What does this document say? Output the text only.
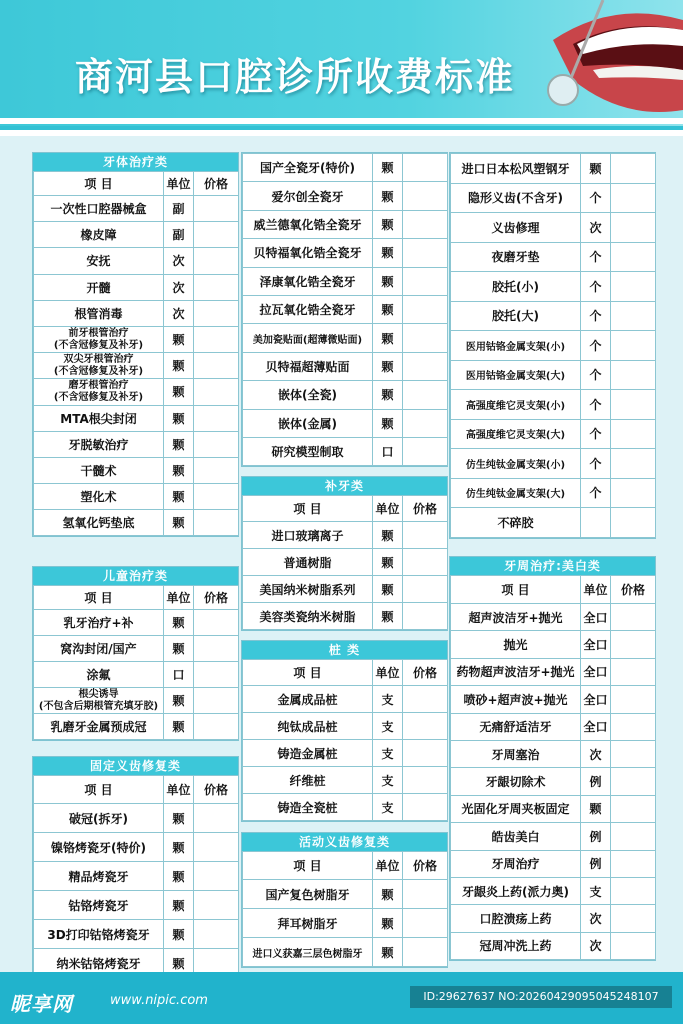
商河县口腔诊所收费标准
牙体治疗类
项 目	单位	价格
一次性口腔器械盒	副	
橡皮障	副	
安抚	次	
开髓	次	
根管消毒	次	
前牙根管治疗
(不含冠修复及补牙)	颗	
双尖牙根管治疗
(不含冠修复及补牙)	颗	
磨牙根管治疗
(不含冠修复及补牙)	颗	
MTA根尖封闭	颗	
牙脱敏治疗	颗	
干髓术	颗	
塑化术	颗	
氢氧化钙垫底	颗	
儿童治疗类
项 目	单位	价格
乳牙治疗+补	颗	
窝沟封闭/国产	颗	
涂氟	口	
根尖诱导
(不包含后期根管充填牙胶)	颗	
乳磨牙金属预成冠	颗	
固定义齿修复类
项 目	单位	价格
破冠(拆牙)	颗	
镍铬烤瓷牙(特价)	颗	
精品烤瓷牙	颗	
钴铬烤瓷牙	颗	
3D打印钴铬烤瓷牙	颗	
纳米钴铬烤瓷牙	颗	
国产全瓷牙(特价)	颗	
爱尔创全瓷牙	颗	
威兰德氧化锆全瓷牙	颗	
贝特福氧化锆全瓷牙	颗	
泽康氧化锆全瓷牙	颗	
拉瓦氧化锆全瓷牙	颗	
美加瓷贴面(超薄微贴面)	颗	
贝特福超薄贴面	颗	
嵌体(全瓷)	颗	
嵌体(金属)	颗	
研究模型制取	口	
补牙类
项 目	单位	价格
进口玻璃离子	颗	
普通树脂	颗	
美国纳米树脂系列	颗	
美容类瓷纳米树脂	颗	
桩 类
项 目	单位	价格
金属成品桩	支	
纯钛成品桩	支	
铸造金属桩	支	
纤维桩	支	
铸造全瓷桩	支	
活动义齿修复类
项 目	单位	价格
国产复色树脂牙	颗	
拜耳树脂牙	颗	
进口义获嘉三层色树脂牙	颗	
进口日本松风塑钢牙	颗	
隐形义齿(不含牙)	个	
义齿修理	次	
夜磨牙垫	个	
胶托(小)	个	
胶托(大)	个	
医用钴铬金属支架(小)	个	
医用钴铬金属支架(大)	个	
高强度维它灵支架(小)	个	
高强度维它灵支架(大)	个	
仿生纯钛金属支架(小)	个	
仿生纯钛金属支架(大)	个	
不碎胶		
牙周治疗:美白类
项 目	单位	价格
超声波洁牙+抛光	全口	
抛光	全口	
药物超声波洁牙+抛光	全口	
喷砂+超声波+抛光	全口	
无痛舒适洁牙	全口	
牙周塞治	次	
牙龈切除术	例	
光固化牙周夹板固定	颗	
皓齿美白	例	
牙周治疗	例	
牙龈炎上药(派力奥)	支	
口腔溃疡上药	次	
冠周冲洗上药	次	
昵享网	www.nipic.com	ID:29627637 NO:20260429095045248107
